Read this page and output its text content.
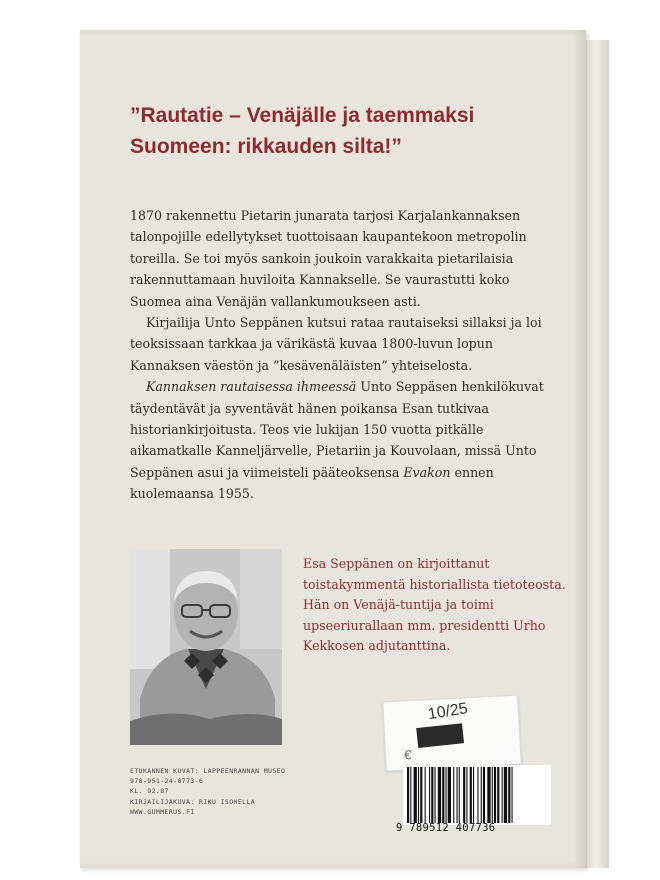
”Rautatie – Venäjälle ja taemmaksi
Suomeen: rikkauden silta!”

1870 rakennettu Pietarin junarata tarjosi Karjalankannaksen talonpojille edellytykset tuottoisaan kaupantekoon metropolin toreilla. Se toi myös sankoin joukoin varakkaita pietarilaisia rakennuttamaan huviloita Kannakselle. Se vaurastutti koko Suomea aina Venäjän vallankumoukseen asti.

Kirjailija Unto Seppänen kutsui rataa rautaiseksi sillaksi ja loi teoksissaan tarkkaa ja värikästä kuvaa 1800-luvun lopun Kannaksen väestön ja ”kesävenäläisten” yhteiselosta.

Kannaksen rautaisessa ihmeessä Unto Seppäsen henkilökuvat täydentävät ja syventävät hänen poikansa Esan tutkivaa historiankirjoitusta. Teos vie lukijan 150 vuotta pitkälle aikamatkalle Kanneljärvelle, Pietariin ja Kouvolaan, missä Unto Seppänen asui ja viimeisteli pääteoksensa Evakon ennen kuolemaansa 1955.

Esa Seppänen on kirjoittanut toistakymmentä historiallista tietoteosta. Hän on Venäjä-tuntija ja toimi upseeriurallaan mm. presidentti Urho Kekkosen adjutanttina.

ETUKANNEN KUVAT: LAPPEENRANNAN MUSEO
978-951-24-0773-6
KL. 92.87
KIRJAILIJAKUVA: RIKU ISOHELLA
WWW.GUMMERUS.FI
10/25
€
9 789512 407736
